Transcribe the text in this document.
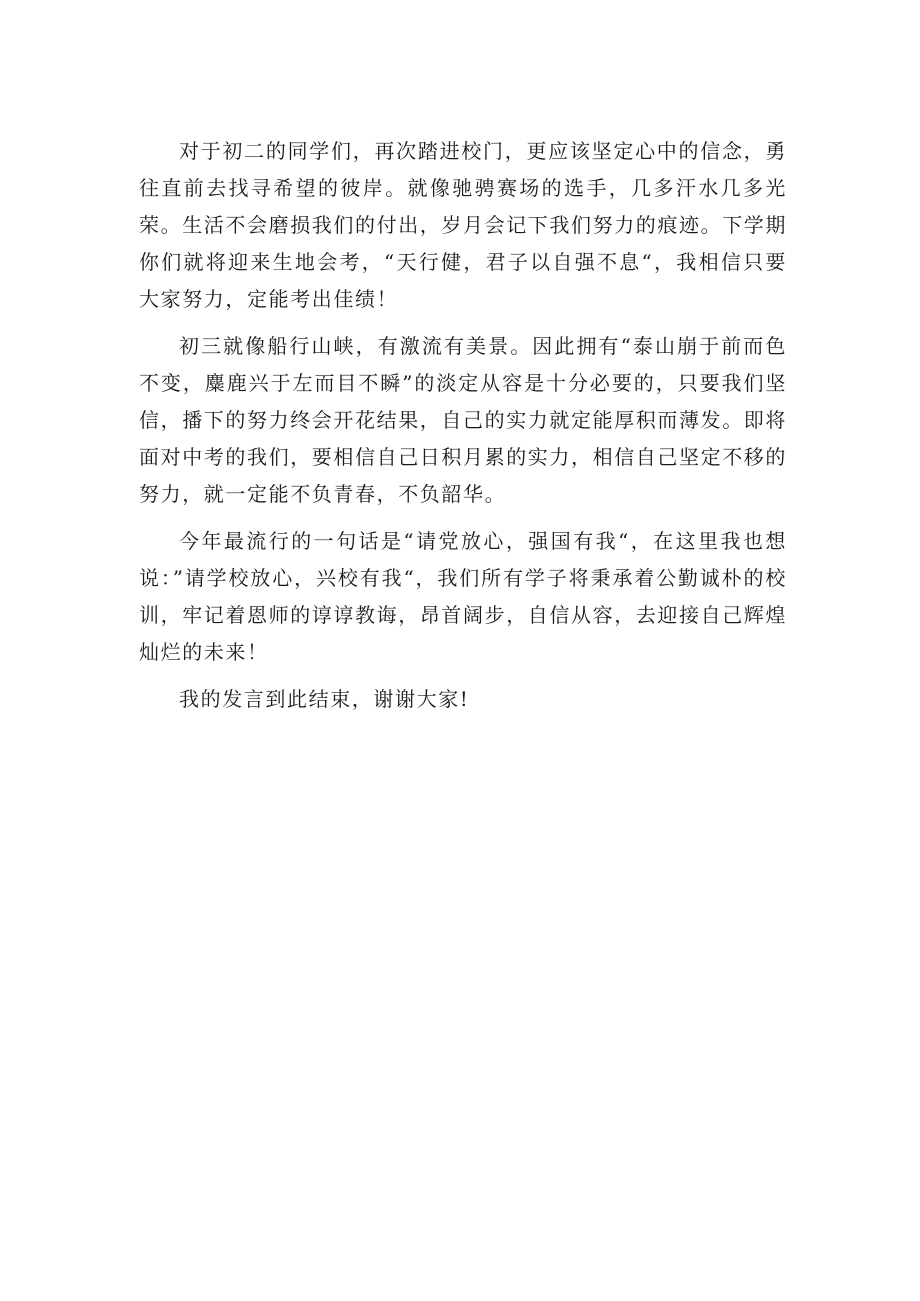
对于初二的同学们，再次踏进校门，更应该坚定心中的信念，勇往直前去找寻希望的彼岸。就像驰骋赛场的选手，几多汗水几多光荣。生活不会磨损我们的付出，岁月会记下我们努力的痕迹。下学期你们就将迎来生地会考，“天行健，君子以自强不息“，我相信只要大家努力，定能考出佳绩！

初三就像船行山峡，有激流有美景。因此拥有“泰山崩于前而色不变，麋鹿兴于左而目不瞬”的淡定从容是十分必要的，只要我们坚信，播下的努力终会开花结果，自己的实力就定能厚积而薄发。即将面对中考的我们，要相信自己日积月累的实力，相信自己坚定不移的努力，就一定能不负青春，不负韶华。

今年最流行的一句话是“请党放心，强国有我“，在这里我也想说：”请学校放心，兴校有我“，我们所有学子将秉承着公勤诚朴的校训，牢记着恩师的谆谆教诲，昂首阔步，自信从容，去迎接自己辉煌灿烂的未来！

我的发言到此结束，谢谢大家!
